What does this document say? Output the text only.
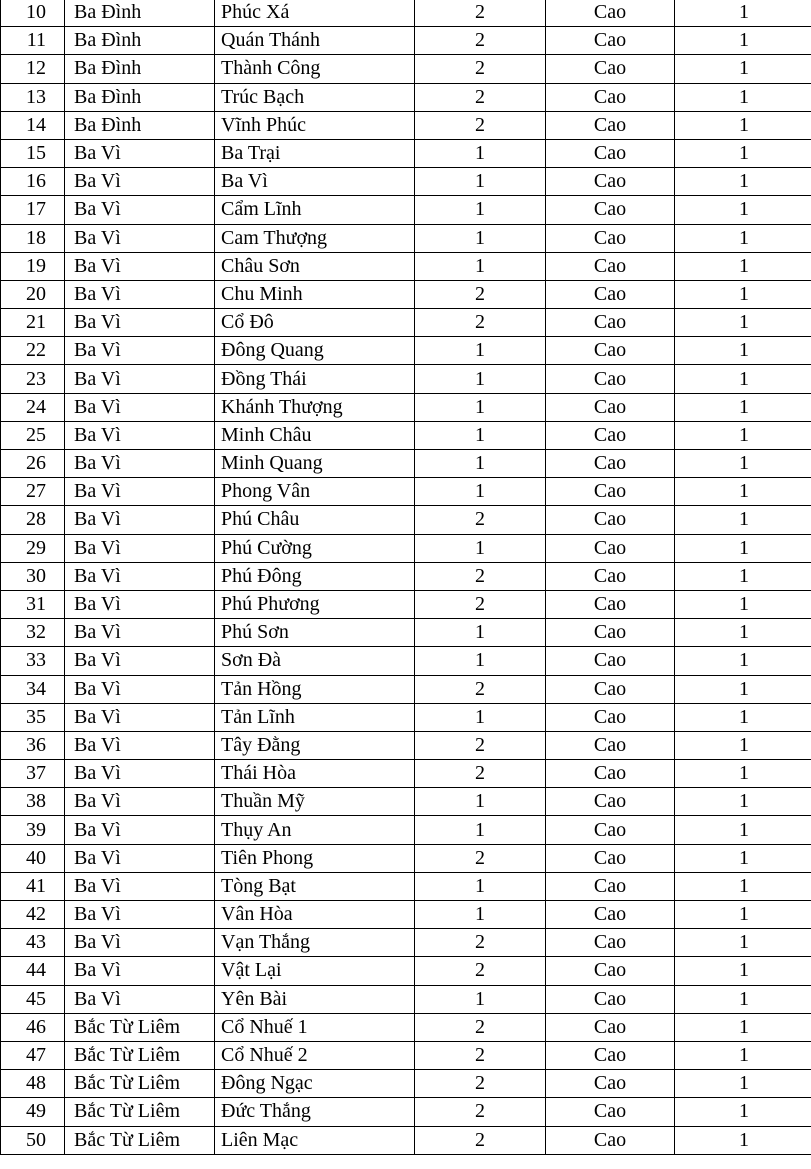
10	Ba Đình	Phúc Xá	2	Cao	1
11	Ba Đình	Quán Thánh	2	Cao	1
12	Ba Đình	Thành Công	2	Cao	1
13	Ba Đình	Trúc Bạch	2	Cao	1
14	Ba Đình	Vĩnh Phúc	2	Cao	1
15	Ba Vì	Ba Trại	1	Cao	1
16	Ba Vì	Ba Vì	1	Cao	1
17	Ba Vì	Cẩm Lĩnh	1	Cao	1
18	Ba Vì	Cam Thượng	1	Cao	1
19	Ba Vì	Châu Sơn	1	Cao	1
20	Ba Vì	Chu Minh	2	Cao	1
21	Ba Vì	Cổ Đô	2	Cao	1
22	Ba Vì	Đông Quang	1	Cao	1
23	Ba Vì	Đồng Thái	1	Cao	1
24	Ba Vì	Khánh Thượng	1	Cao	1
25	Ba Vì	Minh Châu	1	Cao	1
26	Ba Vì	Minh Quang	1	Cao	1
27	Ba Vì	Phong Vân	1	Cao	1
28	Ba Vì	Phú Châu	2	Cao	1
29	Ba Vì	Phú Cường	1	Cao	1
30	Ba Vì	Phú Đông	2	Cao	1
31	Ba Vì	Phú Phương	2	Cao	1
32	Ba Vì	Phú Sơn	1	Cao	1
33	Ba Vì	Sơn Đà	1	Cao	1
34	Ba Vì	Tản Hồng	2	Cao	1
35	Ba Vì	Tản Lĩnh	1	Cao	1
36	Ba Vì	Tây Đằng	2	Cao	1
37	Ba Vì	Thái Hòa	2	Cao	1
38	Ba Vì	Thuần Mỹ	1	Cao	1
39	Ba Vì	Thụy An	1	Cao	1
40	Ba Vì	Tiên Phong	2	Cao	1
41	Ba Vì	Tòng Bạt	1	Cao	1
42	Ba Vì	Vân Hòa	1	Cao	1
43	Ba Vì	Vạn Thắng	2	Cao	1
44	Ba Vì	Vật Lại	2	Cao	1
45	Ba Vì	Yên Bài	1	Cao	1
46	Bắc Từ Liêm	Cổ Nhuế 1	2	Cao	1
47	Bắc Từ Liêm	Cổ Nhuế 2	2	Cao	1
48	Bắc Từ Liêm	Đông Ngạc	2	Cao	1
49	Bắc Từ Liêm	Đức Thắng	2	Cao	1
50	Bắc Từ Liêm	Liên Mạc	2	Cao	1
